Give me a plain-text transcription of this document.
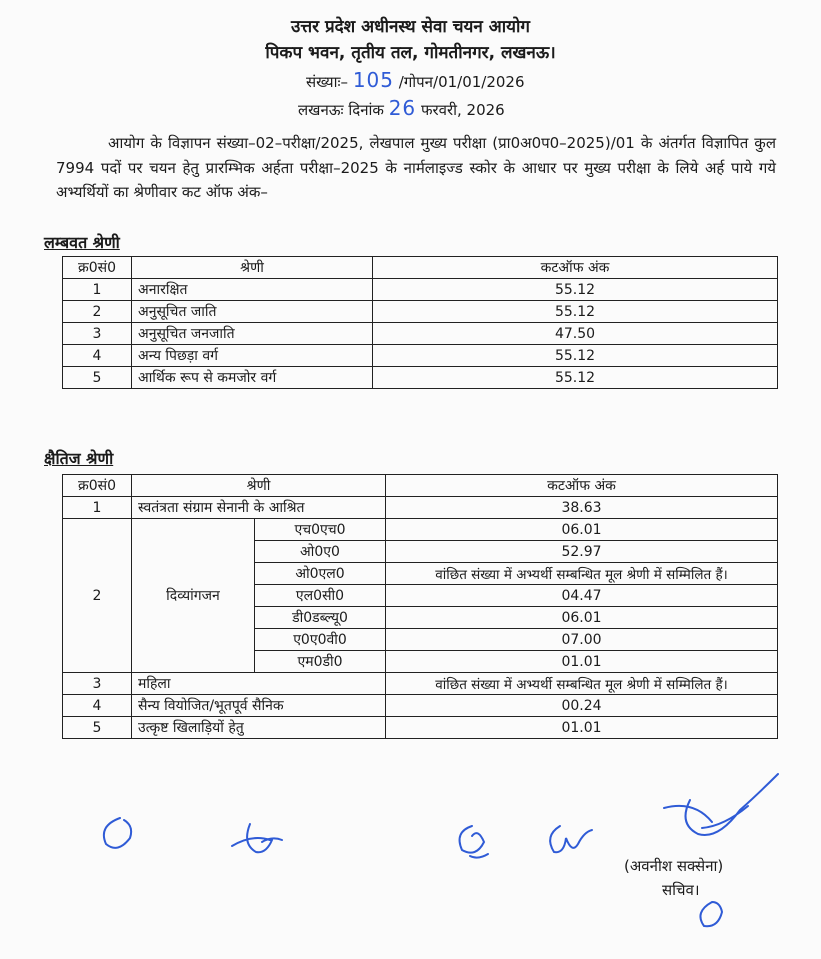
उत्तर प्रदेश अधीनस्थ सेवा चयन आयोग
पिकप भवन, तृतीय तल, गोमतीनगर, लखनऊ।
संख्याः– 105 /गोपन/01/01/2026
लखनऊः दिनांक 26 फरवरी, 2026
आयोग के विज्ञापन संख्या–02–परीक्षा/2025, लेखपाल मुख्य परीक्षा (प्रा0अ0प0–2025)/01 के अंतर्गत विज्ञापित कुल 7994 पदों पर चयन हेतु प्रारम्भिक अर्हता परीक्षा–2025 के नार्मलाइज्ड स्कोर के आधार पर मुख्य परीक्षा के लिये अर्ह पाये गये अभ्यर्थियों का श्रेणीवार कट ऑफ अंक–
लम्बवत श्रेणी
क्र0सं0	श्रेणी	कटऑफ अंक
1	अनारक्षित	55.12
2	अनुसूचित जाति	55.12
3	अनुसूचित जनजाति	47.50
4	अन्य पिछड़ा वर्ग	55.12
5	आर्थिक रूप से कमजोर वर्ग	55.12
क्षैतिज श्रेणी
क्र0सं0	श्रेणी		कटऑफ अंक
1	स्वतंत्रता संग्राम सेनानी के आश्रित		38.63
2	दिव्यांगजन	एच0एच0	06.01
		ओ0ए0	52.97
		ओ0एल0	वांछित संख्या में अभ्यर्थी सम्बन्धित मूल श्रेणी में सम्मिलित हैं।
		एल0सी0	04.47
		डी0डब्ल्यू0	06.01
		ए0ए0वी0	07.00
		एम0डी0	01.01
3	महिला		वांछित संख्या में अभ्यर्थी सम्बन्धित मूल श्रेणी में सम्मिलित हैं।
4	सैन्य वियोजित/भूतपूर्व सैनिक		00.24
5	उत्कृष्ट खिलाड़ियों हेतु		01.01
(अवनीश सक्सेना)
सचिव।
